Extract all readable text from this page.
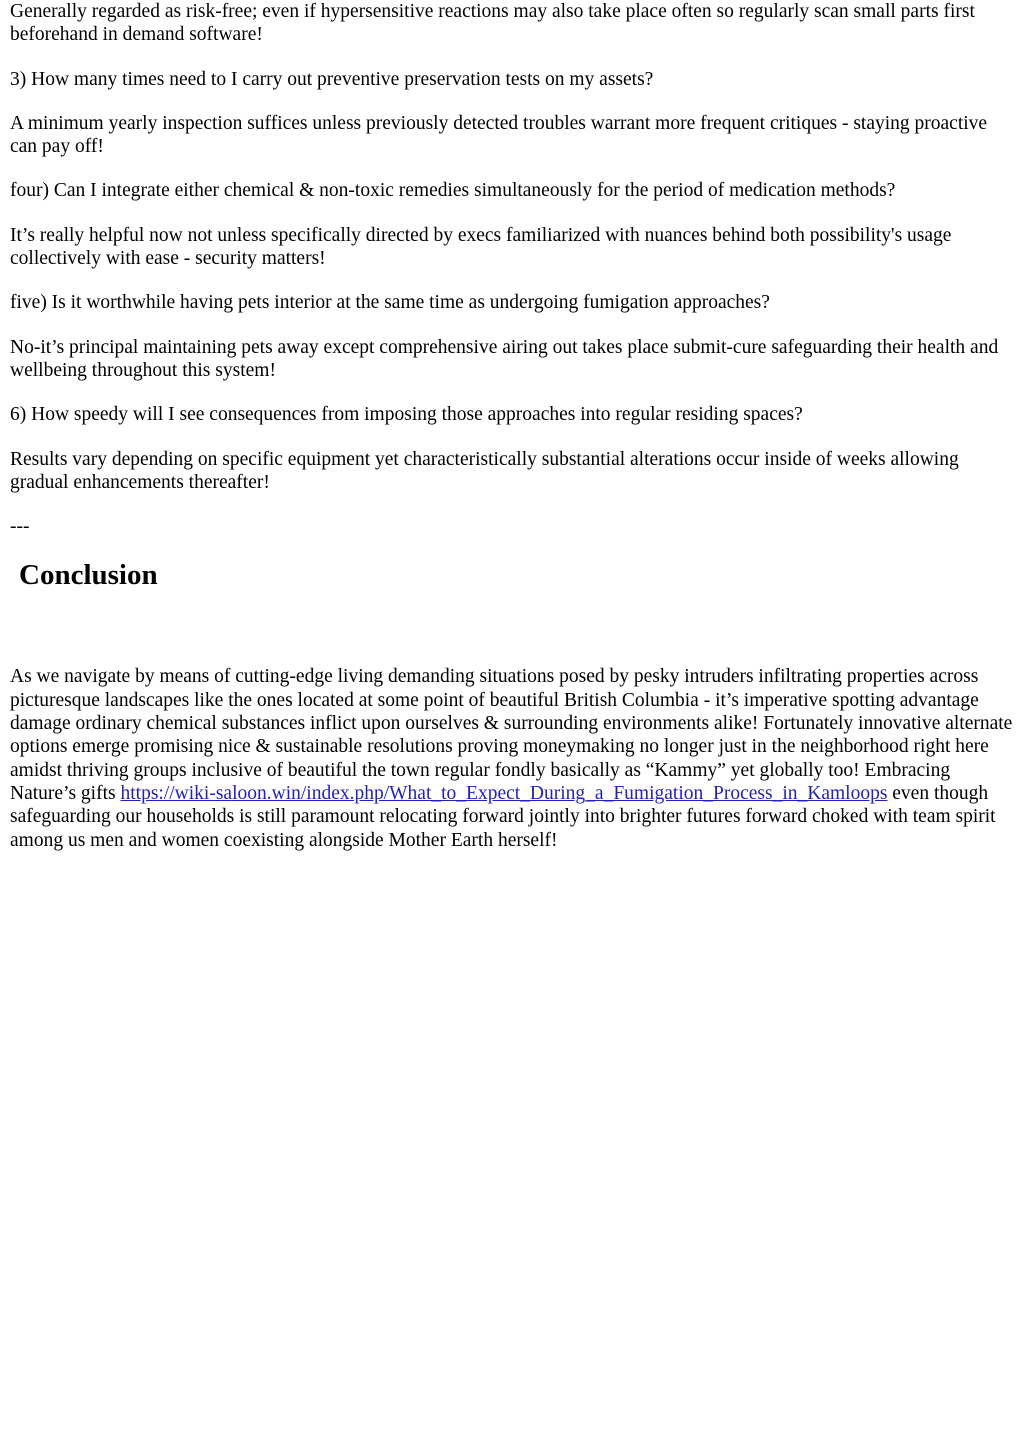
Generally regarded as risk-free; even if hypersensitive reactions may also take place often so regularly scan small parts first beforehand in demand software!

3) How many times need to I carry out preventive preservation tests on my assets?

A minimum yearly inspection suffices unless previously detected troubles warrant more frequent critiques - staying proactive can pay off!

four) Can I integrate either chemical & non-toxic remedies simultaneously for the period of medication methods?

It’s really helpful now not unless specifically directed by execs familiarized with nuances behind both possibility's usage collectively with ease - security matters!

five) Is it worthwhile having pets interior at the same time as undergoing fumigation approaches?

No-it’s principal maintaining pets away except comprehensive airing out takes place submit-cure safeguarding their health and wellbeing throughout this system!

6) How speedy will I see consequences from imposing those approaches into regular residing spaces?

Results vary depending on specific equipment yet characteristically substantial alterations occur inside of weeks allowing gradual enhancements thereafter!

---

Conclusion

As we navigate by means of cutting-edge living demanding situations posed by pesky intruders infiltrating properties across picturesque landscapes like the ones located at some point of beautiful British Columbia - it’s imperative spotting advantage damage ordinary chemical substances inflict upon ourselves & surrounding environments alike! Fortunately innovative alternate options emerge promising nice & sustainable resolutions proving moneymaking no longer just in the neighborhood right here amidst thriving groups inclusive of beautiful the town regular fondly basically as “Kammy” yet globally too! Embracing Nature’s gifts https://wiki-saloon.win/index.php/What_to_Expect_During_a_Fumigation_Process_in_Kamloops even though safeguarding our households is still paramount relocating forward jointly into brighter futures forward choked with team spirit among us men and women coexisting alongside Mother Earth herself!
